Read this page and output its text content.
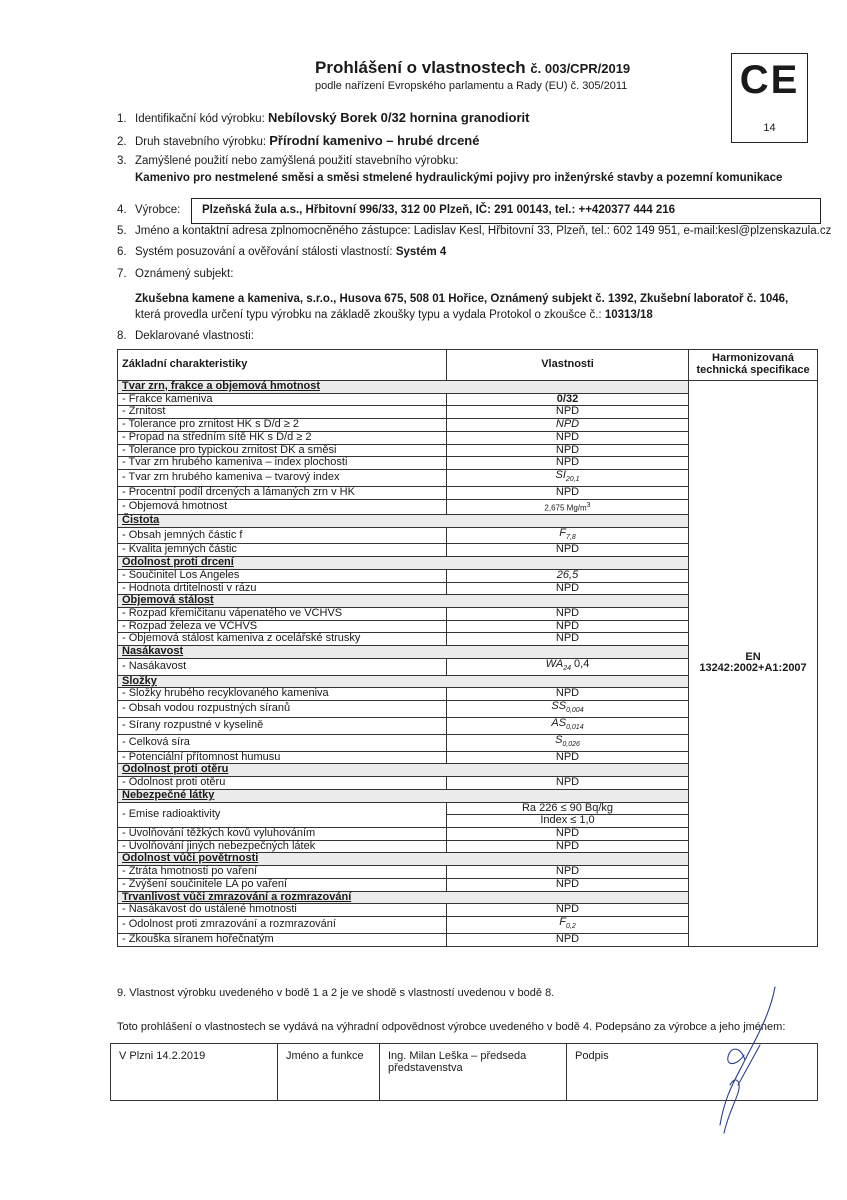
Prohlášení o vlastnostech č. 003/CPR/2019
podle nařízení Evropského parlamentu a Rady (EU) č. 305/2011	CE
14
1. Identifikační kód výrobku: Nebílovský Borek 0/32 hornina granodiorit
2. Druh stavebního výrobku: Přírodní kamenivo – hrubé drcené
3. Zamýšlené použití nebo zamýšlená použití stavebního výrobku:
Kamenivo pro nestmelené směsi a směsi stmelené hydraulickými pojivy pro inženýrské stavby a pozemní komunikace
4. Výrobce: Plzeňská žula a.s., Hřbitovní 996/33, 312 00 Plzeň, IČ: 291 00143, tel.: ++420377 444 216
5. Jméno a kontaktní adresa zplnomocněného zástupce: Ladislav Kesl, Hřbitovní 33, Plzeň, tel.: 602 149 951, e-mail:kesl@plzenskazula.cz
6. Systém posuzování a ověřování stálosti vlastností: Systém 4
7. Oznámený subjekt:
Zkušebna kamene a kameniva, s.r.o., Husova 675, 508 01 Hořice, Oznámený subjekt č. 1392, Zkušební laboratoř č. 1046,
která provedla určení typu výrobku na základě zkoušky typu a vydala Protokol o zkoušce č.: 10313/18
8. Deklarované vlastnosti:
Základní charakteristiky	Vlastnosti	Harmonizovaná technická specifikace
Tvar zrn, frakce a objemová hmotnost		EN 13242:2002+A1:2007
- Frakce kameniva	0/32	
- Zrnitost	NPD	
- Tolerance pro zrnitost HK s D/d ≥ 2	NPD	
- Propad na středním sítě HK s D/d ≥ 2	NPD	
- Tolerance pro typickou zrnitost DK a směsi	NPD	
- Tvar zrn hrubého kameniva – index plochosti	NPD	
- Tvar zrn hrubého kameniva – tvarový index	$SI_{20,1}$
- Procentní podíl drcených a lámaných zrn v HK	NPD	
- Objemová hmotnost	2,675 $Mg/m^3$
Čistota		
- Obsah jemných částic f	$F_{7,8}$
- Kvalita jemných částic	NPD	
Odolnost proti drcení		
- Součinitel Los Angeles	26,5	
- Hodnota drtitelnosti v rázu	NPD	
Objemová stálost		
- Rozpad křemičitanu vápenatého ve VCHVS	NPD	
- Rozpad železa ve VCHVS	NPD	
- Objemová stálost kameniva z ocelářské strusky	NPD	
Nasákavost		
- Nasákavost	$WA_{24}$ 0,4	
Složky		
- Složky hrubého recyklovaného kameniva	NPD	
- Obsah vodou rozpustných síranů	$SS_{0,004}$
- Sírany rozpustné v kyselině	$AS_{0,014}$
- Celková síra	$S_{0,026}$
- Potenciální přítomnost humusu	NPD	
Odolnost proti otěru		
- Odolnost proti otěru	NPD	
Nebezpečné látky		
- Emise radioaktivity	Ra 226 ≤ 90 Bq/kg	
	Index ≤ 1,0	
- Uvolňování těžkých kovů vyluhováním	NPD	
- Uvolňování jiných nebezpečných látek	NPD	
Odolnost vůči povětrnosti		
- Ztráta hmotnosti po vaření	NPD	
- Zvýšení součinitele LA po vaření	NPD	
Trvanlivost vůči zmrazování a rozmrazování		
- Nasákavost do ustálené hmotnosti	NPD	
- Odolnost proti zmrazování a rozmrazování	$F_{0,2}$
- Zkouška síranem hořečnatým	NPD	
9. Vlastnost výrobku uvedeného v bodě 1 a 2 je ve shodě s vlastností uvedenou v bodě 8.
Toto prohlášení o vlastnostech se vydává na výhradní odpovědnost výrobce uvedeného v bodě 4. Podepsáno za výrobce a jeho jménem:
V Plzni 14.2.2019	Jméno a funkce	Ing. Milan Leška – předseda představenstva	Podpis
